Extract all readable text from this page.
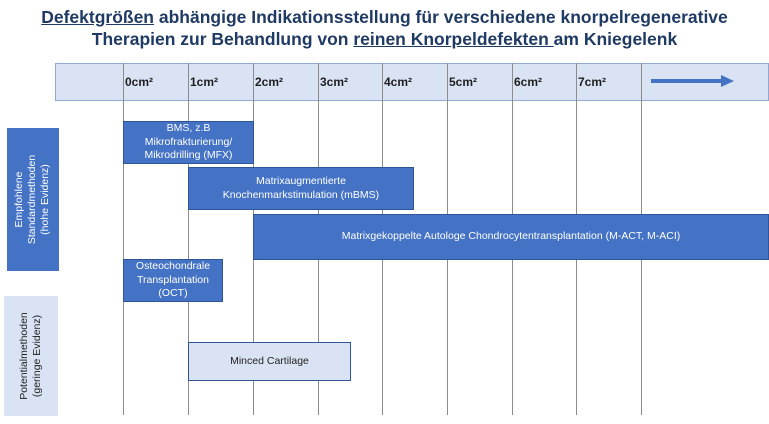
Defektgrößen abhängige Indikationsstellung für verschiedene knorpelregenerative
Therapien zur Behandlung von reinen Knorpeldefekten am Kniegelenk
0cm²	1cm²	2cm²	3cm²	4cm²	5cm²	6cm²	7cm²
Empfohlene Standardmethoden (hohe Evidenz)
Potentialmethoden (geringe Evidenz)
BMS, z.B
Mikrofrakturierung/
Mikrodrilling (MFX)
Matrixaugmentierte
Knochenmarkstimulation (mBMS)
Matrixgekoppelte Autologe Chondrocytentransplantation (M-ACT, M-ACI)
Osteochondrale
Transplantation
(OCT)
Minced Cartilage
